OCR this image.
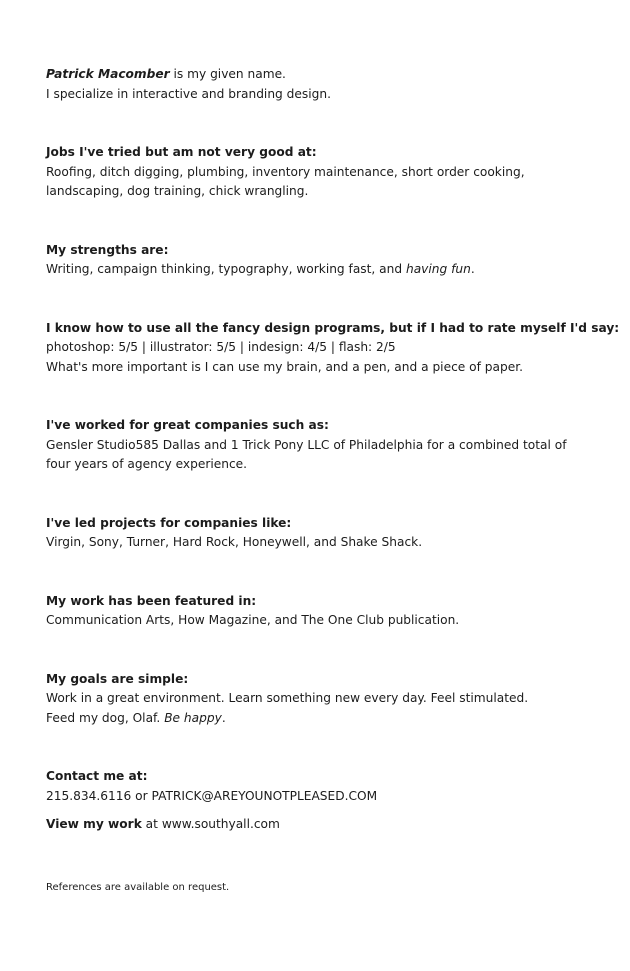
Patrick Macomber is my given name.

I specialize in interactive and branding design.

Jobs I've tried but am not very good at:

Roofing, ditch digging, plumbing, inventory maintenance, short order cooking,

landscaping, dog training, chick wrangling.

My strengths are:

Writing, campaign thinking, typography, working fast, and having fun.

I know how to use all the fancy design programs, but if I had to rate myself I'd say:

photoshop: 5/5 | illustrator: 5/5 | indesign: 4/5 | flash: 2/5

What's more important is I can use my brain, and a pen, and a piece of paper.

I've worked for great companies such as:

Gensler Studio585 Dallas and 1 Trick Pony LLC of Philadelphia for a combined total of

four years of agency experience.

I've led projects for companies like:

Virgin, Sony, Turner, Hard Rock, Honeywell, and Shake Shack.

My work has been featured in:

Communication Arts, How Magazine, and The One Club publication.

My goals are simple:

Work in a great environment. Learn something new every day. Feel stimulated.

Feed my dog, Olaf. Be happy.

Contact me at:

215.834.6116 or PATRICK@AREYOUNOTPLEASED.COM

View my work at www.southyall.com

References are available on request.
